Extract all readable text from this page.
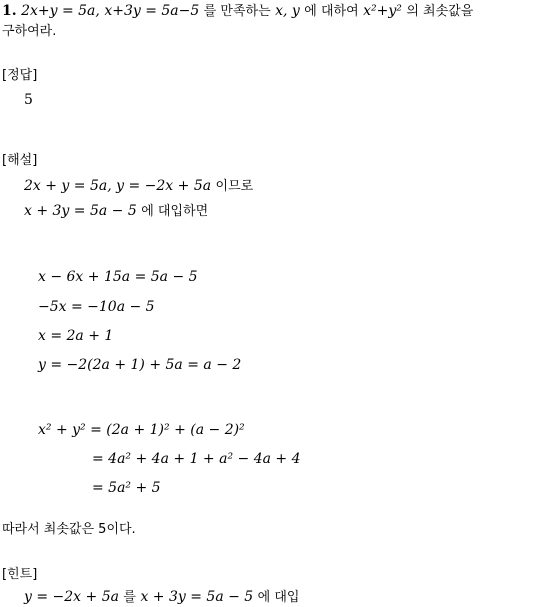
1. 2x+y = 5a, x+3y = 5a−5 를 만족하는 x, y 에 대하여 x²+y² 의 최솟값을
구하여라.
[정답]
5
[해설]
2x + y = 5a, y = −2x + 5a 이므로
x + 3y = 5a − 5 에 대입하면
x − 6x + 15a = 5a − 5
−5x = −10a − 5
x = 2a + 1
y = −2(2a + 1) + 5a = a − 2
x² + y² = (2a + 1)² + (a − 2)²
= 4a² + 4a + 1 + a² − 4a + 4
= 5a² + 5
따라서 최솟값은 5이다.
[힌트]
y = −2x + 5a 를 x + 3y = 5a − 5 에 대입
